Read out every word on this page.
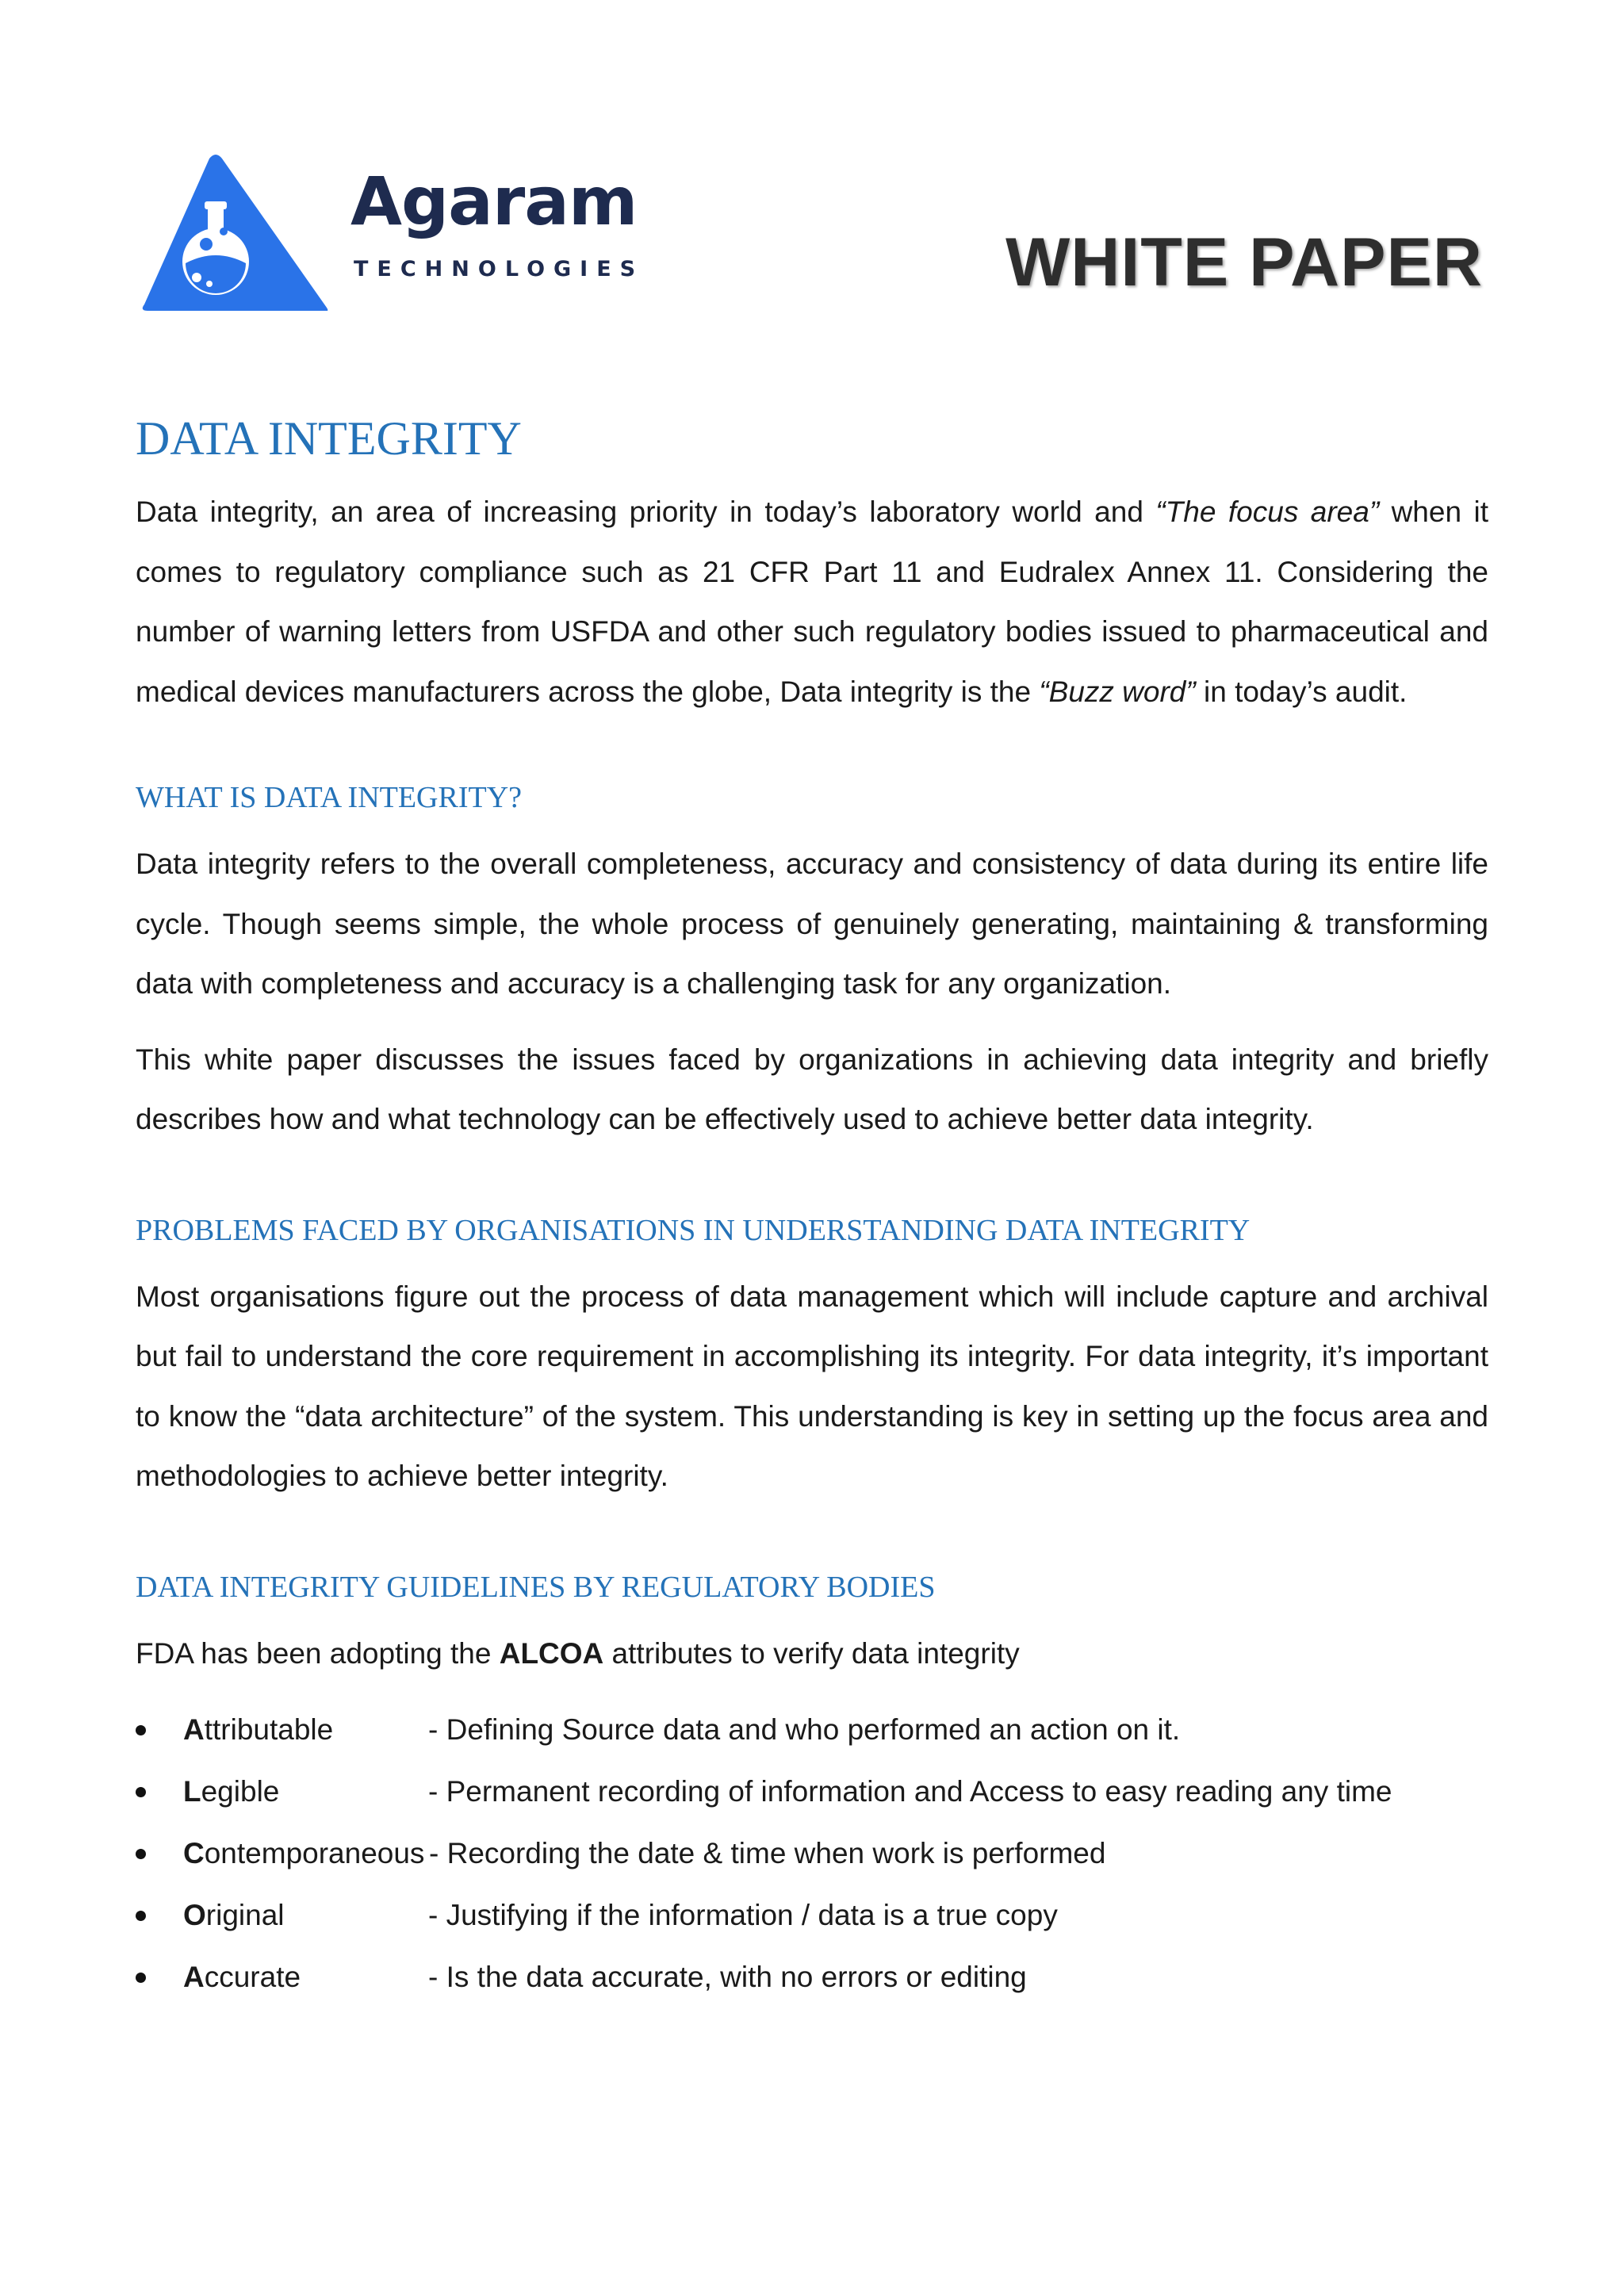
Agaram
TECHNOLOGIES	WHITE PAPER
DATA INTEGRITY

Data integrity, an area of increasing priority in today’s laboratory world and “The focus area” when it comes to regulatory compliance such as 21 CFR Part 11 and Eudralex Annex 11. Considering the number of warning letters from USFDA and other such regulatory bodies issued to pharmaceutical and medical devices manufacturers across the globe, Data integrity is the “Buzz word” in today’s audit.

WHAT IS DATA INTEGRITY?

Data integrity refers to the overall completeness, accuracy and consistency of data during its entire life cycle. Though seems simple, the whole process of genuinely generating, maintaining & transforming data with completeness and accuracy is a challenging task for any organization.

This white paper discusses the issues faced by organizations in achieving data integrity and briefly describes how and what technology can be effectively used to achieve better data integrity.

PROBLEMS FACED BY ORGANISATIONS IN UNDERSTANDING DATA INTEGRITY

Most organisations figure out the process of data management which will include capture and archival but fail to understand the core requirement in accomplishing its integrity. For data integrity, it’s important to know the “data architecture” of the system. This understanding is key in setting up the focus area and methodologies to achieve better integrity.

DATA INTEGRITY GUIDELINES BY REGULATORY BODIES

FDA has been adopting the ALCOA attributes to verify data integrity

Attributable	- Defining Source data and who performed an action on it.
Legible	- Permanent recording of information and Access to easy reading any time
Contemporaneous - Recording the date & time when work is performed
Original	- Justifying if the information / data is a true copy
Accurate	- Is the data accurate, with no errors or editing
